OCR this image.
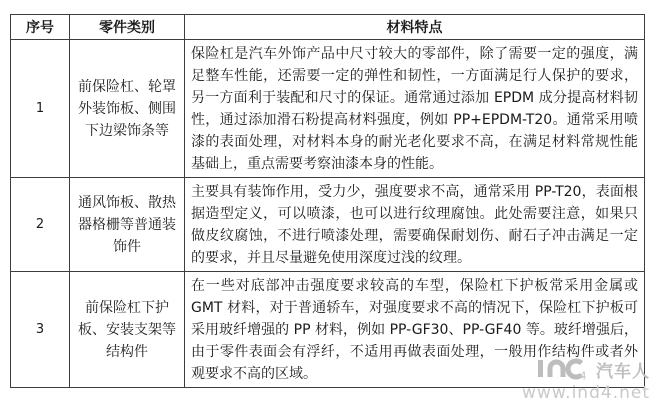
序号	零件类别	材料特点
1	前保险杠、轮罩外装饰板、侧围下边梁饰条等	保险杠是汽车外饰产品中尺寸较大的零部件，除了需要一定的强度，满足整车性能，还需要一定的弹性和韧性，一方面满足行人保护的要求，另一方面利于装配和尺寸的保证。通常通过添加 EPDM 成分提高材料韧性，通过添加滑石粉提高材料强度，例如 PP+EPDM-T20。通常采用喷漆的表面处理，对材料本身的耐光老化要求不高，在满足材料常规性能基础上，重点需要考察油漆本身的性能。
2	通风饰板、散热器格栅等普通装饰件	主要具有装饰作用，受力少，强度要求不高，通常采用 PP-T20，表面根据造型定义，可以喷漆，也可以进行纹理腐蚀。此处需要注意，如果只做皮纹腐蚀，不进行喷漆处理，需要确保耐划伤、耐石子冲击满足一定的要求，并且尽量避免使用深度过浅的纹理。
3	前保险杠下护板、安装支架等结构件	在一些对底部冲击强度要求较高的车型，保险杠下护板常采用金属或 GMT 材料，对于普通轿车，对强度要求不高的情况下，保险杠下护板可采用玻纤增强的 PP 材料，例如 PP-GF30、PP-GF40 等。玻纤增强后，由于零件表面会有浮纤，不适用再做表面处理，一般用作结构件或者外观要求不高的区域。	4 汽车人
www.ind4.net
